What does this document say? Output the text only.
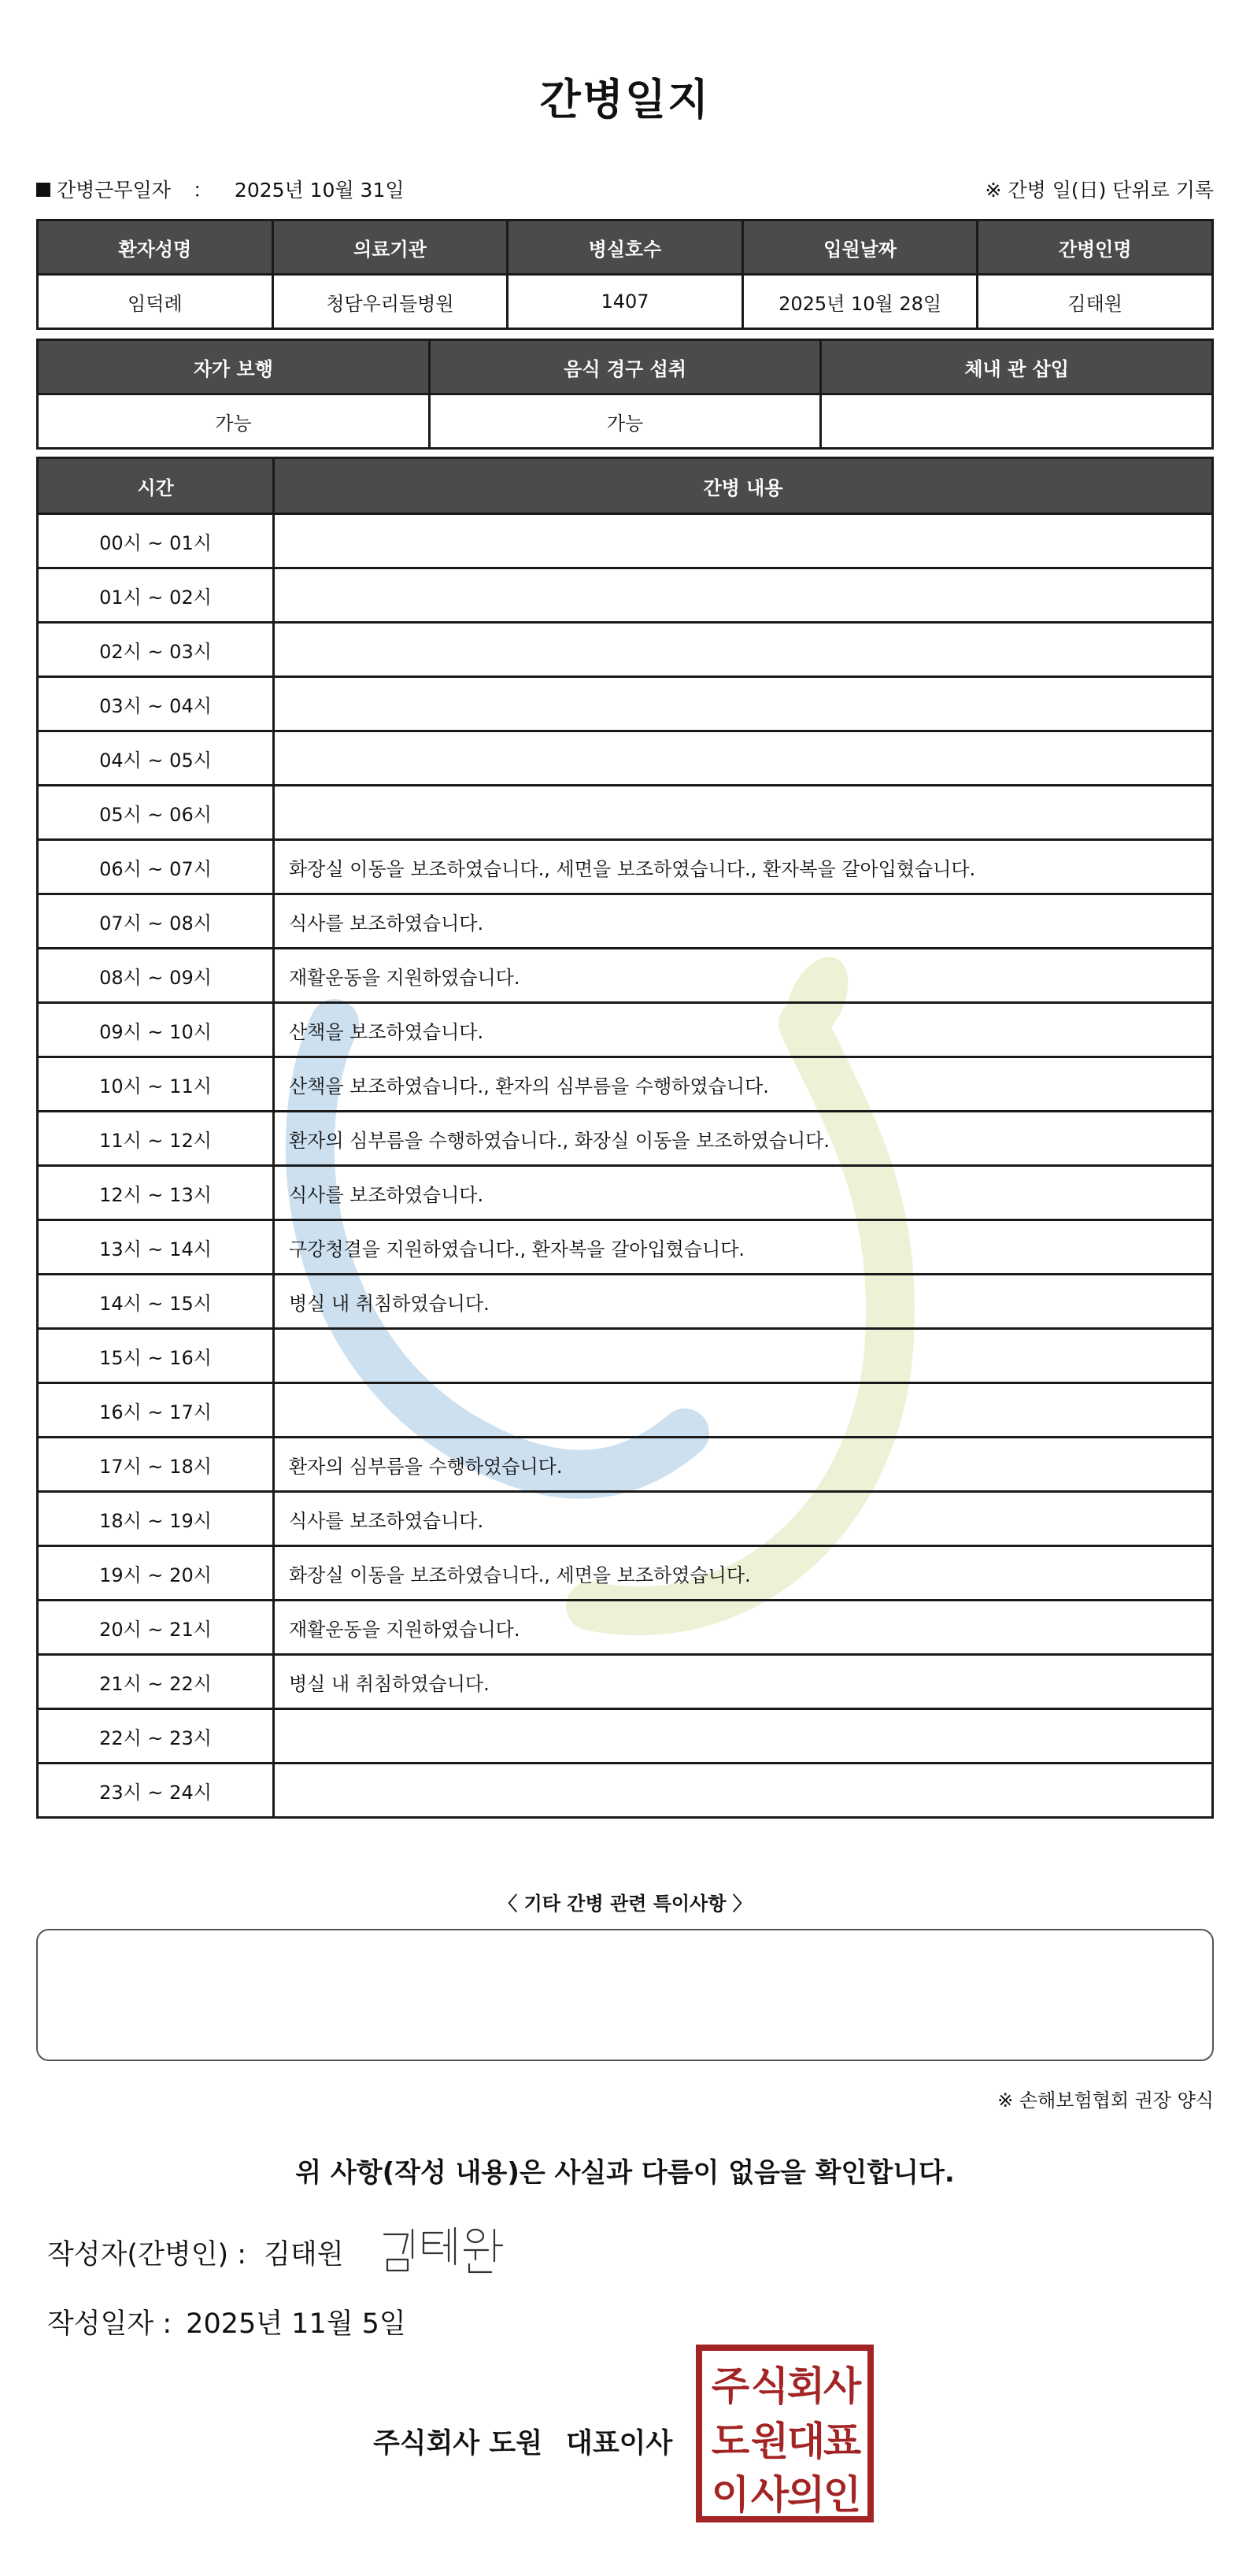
간병일지
간병근무일자 ： 2025년 10월 31일	※ 간병 일(日) 단위로 기록
환자성명	의료기관	병실호수	입원날짜	간병인명
임덕례	청담우리들병원	1407	2025년 10월 28일	김태원
자가 보행	음식 경구 섭취	체내 관 삽입
가능	가능	
시간	간병 내용
00시 ~ 01시	
01시 ~ 02시	
02시 ~ 03시	
03시 ~ 04시	
04시 ~ 05시	
05시 ~ 06시	
06시 ~ 07시	화장실 이동을 보조하였습니다., 세면을 보조하였습니다., 환자복을 갈아입혔습니다.
07시 ~ 08시	식사를 보조하였습니다.
08시 ~ 09시	재활운동을 지원하였습니다.
09시 ~ 10시	산책을 보조하였습니다.
10시 ~ 11시	산책을 보조하였습니다., 환자의 심부름을 수행하였습니다.
11시 ~ 12시	환자의 심부름을 수행하였습니다., 화장실 이동을 보조하였습니다.
12시 ~ 13시	식사를 보조하였습니다.
13시 ~ 14시	구강청결을 지원하였습니다., 환자복을 갈아입혔습니다.
14시 ~ 15시	병실 내 취침하였습니다.
15시 ~ 16시	
16시 ~ 17시	
17시 ~ 18시	환자의 심부름을 수행하였습니다.
18시 ~ 19시	식사를 보조하였습니다.
19시 ~ 20시	화장실 이동을 보조하였습니다., 세면을 보조하였습니다.
20시 ~ 21시	재활운동을 지원하였습니다.
21시 ~ 22시	병실 내 취침하였습니다.
22시 ~ 23시	
23시 ~ 24시	
〈 기타 간병 관련 특이사항 〉
※ 손해보험협회 권장 양식
위 사항(작성 내용)은 사실과 다름이 없음을 확인합니다.
작성자(간병인) : 김태원
작성일자 : 2025년 11월 5일
주식회사 도원 대표이사
주 식
회
사
도 원
대
표
이 사
의
인
